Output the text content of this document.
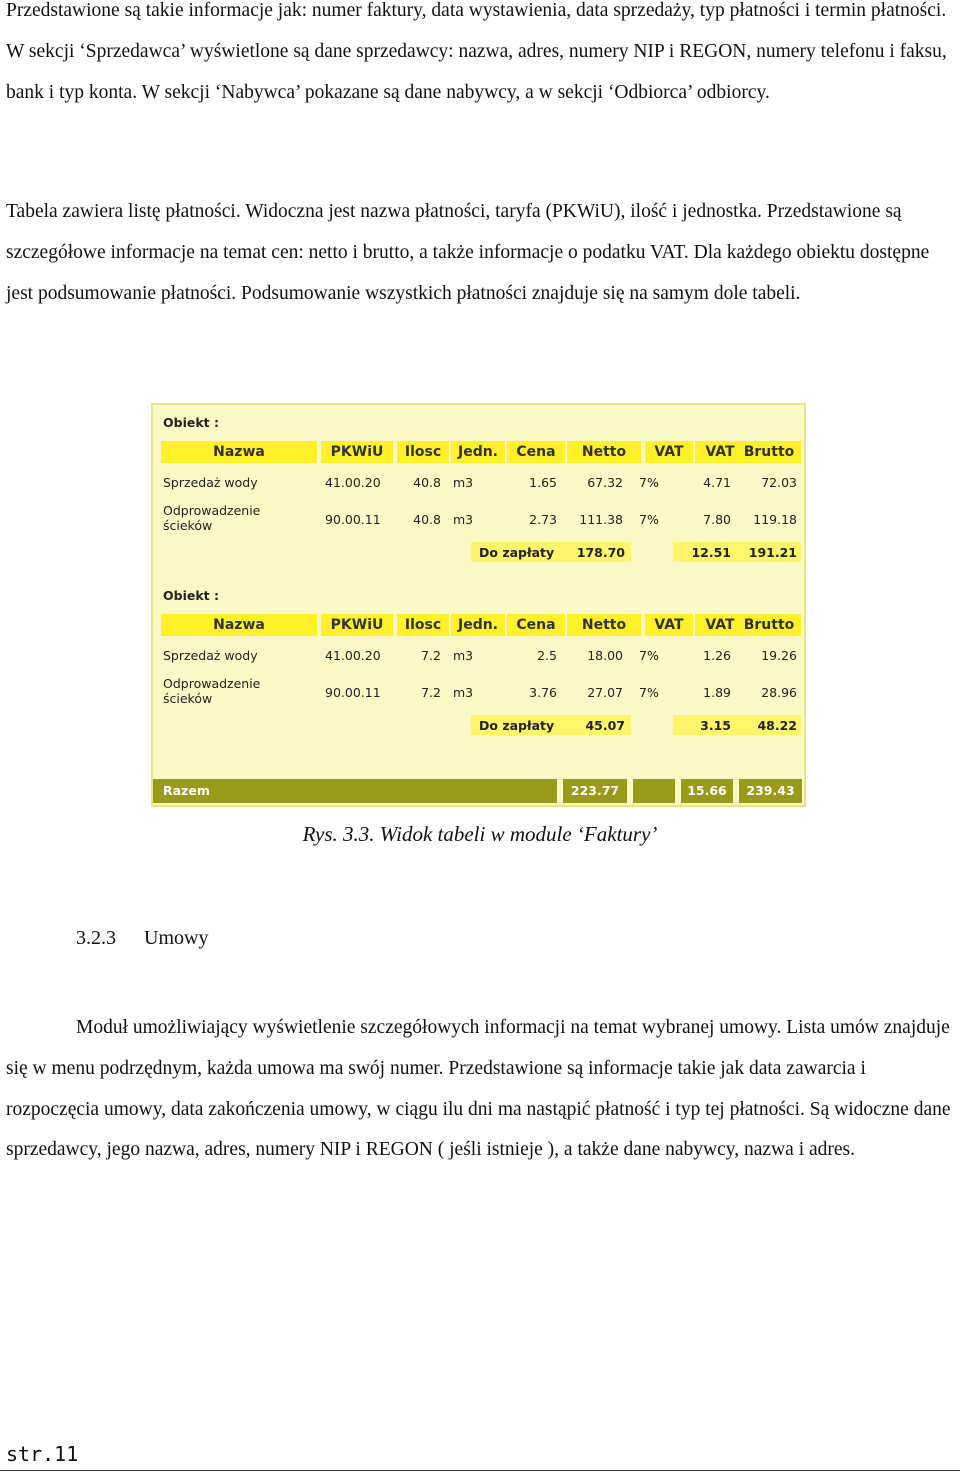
Przedstawione są takie informacje jak: numer faktury, data wystawienia, data sprzedaży, typ płatności i termin płatności. W sekcji ‘Sprzedawca’ wyświetlone są dane sprzedawcy: nazwa, adres, numery NIP i REGON, numery telefonu i faksu, bank i typ konta. W sekcji ‘Nabywca’ pokazane są dane nabywcy, a w sekcji ‘Odbiorca’ odbiorcy.

Tabela zawiera listę płatności. Widoczna jest nazwa płatności, taryfa (PKWiU), ilość i jednostka. Przedstawione są szczegółowe informacje na temat cen: netto i brutto, a także informacje o podatku VAT. Dla każdego obiektu dostępne jest podsumowanie płatności. Podsumowanie wszystkich płatności znajduje się na samym dole tabeli.

Obiekt :
Nazwa	PKWiU	Ilosc	Jedn.	Cena	Netto	VAT	VAT Brutto
Sprzedaż wody	41.00.20	40.8 m3	1.65 67.32 7%	4.71 72.03
Odprowadzenie
ścieków	90.00.11	40.8 m3	2.73 111.38 7%	7.80 119.18
Do zapłaty 178.70	12.51 191.21
Obiekt :
Nazwa	PKWiU	Ilosc	Jedn.	Cena	Netto	VAT	VAT Brutto
Sprzedaż wody	41.00.20	7.2 m3	2.5 18.00 7%	1.26 19.26
Odprowadzenie
ścieków	90.00.11	7.2 m3	3.76 27.07 7%	1.89 28.96
Do zapłaty	45.07	3.15 48.22
Razem	223.77	15.66	239.43
Rys. 3.3. Widok tabeli w module ‘Faktury’
3.2.3 Umowy

Moduł umożliwiający wyświetlenie szczegółowych informacji na temat wybranej umowy. Lista umów znajduje się w menu podrzędnym, każda umowa ma swój numer. Przedstawione są informacje takie jak data zawarcia i rozpoczęcia umowy, data zakończenia umowy, w ciągu ilu dni ma nastąpić płatność i typ tej płatności. Są widoczne dane sprzedawcy, jego nazwa, adres, numery NIP i REGON ( jeśli istnieje ), a także dane nabywcy, nazwa i adres.

str.11
